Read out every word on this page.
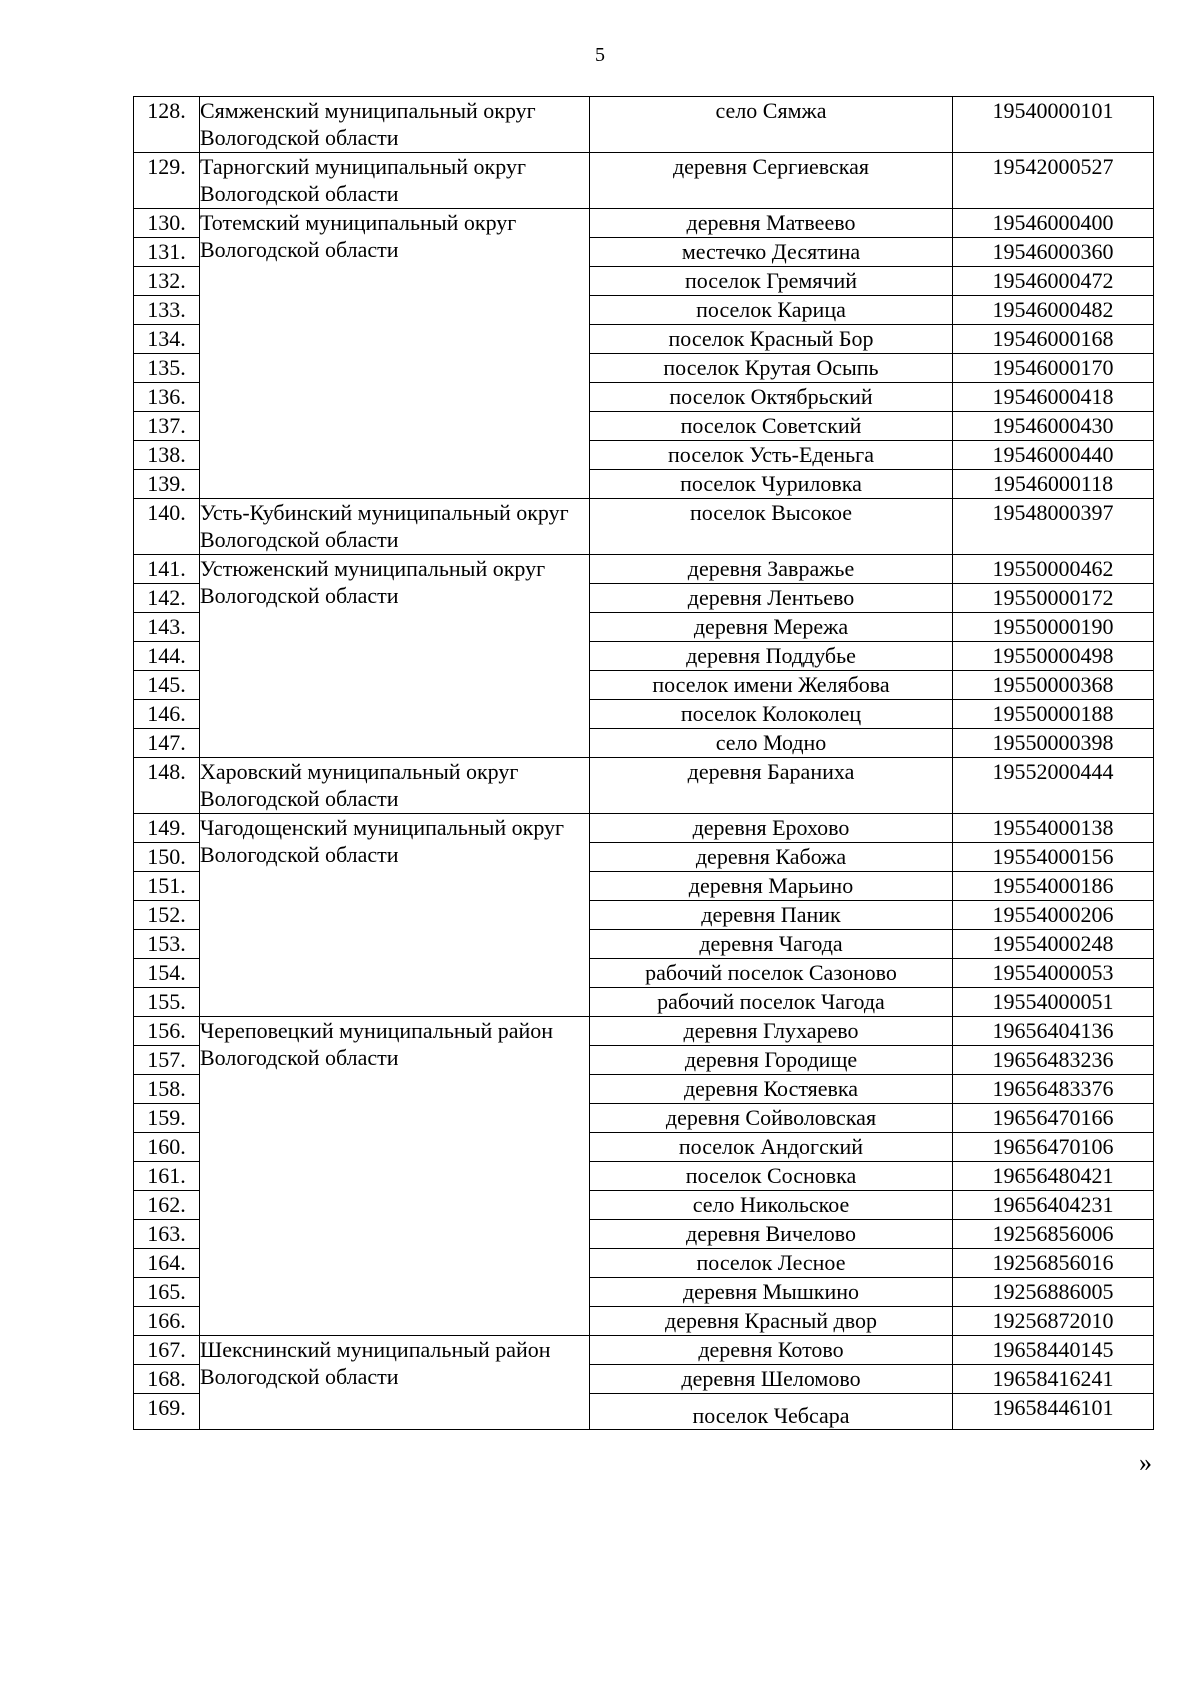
5
128.	Сямженский муниципальный округ Вологодской области	село Сямжа	19540000101
129.	Тарногский муниципальный округ Вологодской области	деревня Сергиевская	19542000527
130.	Тотемский муниципальный округ Вологодской области	деревня Матвеево	19546000400
131.		местечко Десятина	19546000360
132.		поселок Гремячий	19546000472
133.		поселок Карица	19546000482
134.		поселок Красный Бор	19546000168
135.		поселок Крутая Осыпь	19546000170
136.		поселок Октябрьский	19546000418
137.		поселок Советский	19546000430
138.		поселок Усть-Еденьга	19546000440
139.		поселок Чуриловка	19546000118
140.	Усть-Кубинский муниципальный округ Вологодской области	поселок Высокое	19548000397
141.	Устюженский муниципальный округ Вологодской области	деревня Завражье	19550000462
142.		деревня Лентьево	19550000172
143.		деревня Мережа	19550000190
144.		деревня Поддубье	19550000498
145.		поселок имени Желябова	19550000368
146.		поселок Колоколец	19550000188
147.		село Модно	19550000398
148.	Харовский муниципальный округ Вологодской области	деревня Бараниха	19552000444
149.	Чагодощенский муниципальный округ Вологодской области	деревня Ерохово	19554000138
150.		деревня Кабожа	19554000156
151.		деревня Марьино	19554000186
152.		деревня Паник	19554000206
153.		деревня Чагода	19554000248
154.		рабочий поселок Сазоново	19554000053
155.		рабочий поселок Чагода	19554000051
156.	Череповецкий муниципальный район Вологодской области	деревня Глухарево	19656404136
157.		деревня Городище	19656483236
158.		деревня Костяевка	19656483376
159.		деревня Сойволовская	19656470166
160.		поселок Андогский	19656470106
161.		поселок Сосновка	19656480421
162.		село Никольское	19656404231
163.		деревня Вичелово	19256856006
164.		поселок Лесное	19256856016
165.		деревня Мышкино	19256886005
166.		деревня Красный двор	19256872010
167.	Шекснинский муниципальный район Вологодской области	деревня Котово	19658440145
168.		деревня Шеломово	19658416241
169.		поселок Чебсара	19658446101
»
